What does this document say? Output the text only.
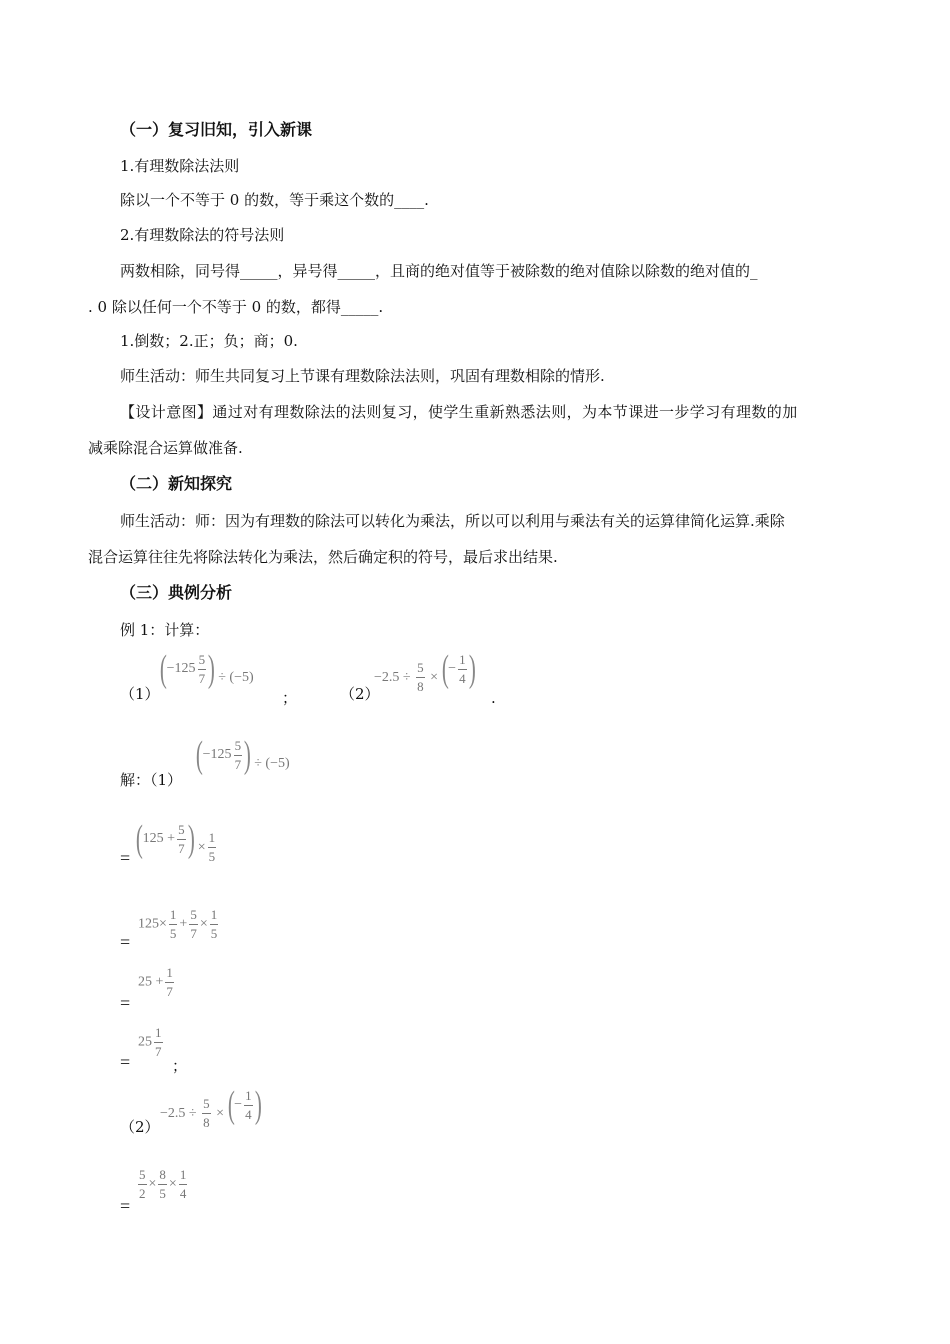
（一）复习旧知，引入新课
1.有理数除法法则
除以一个不等于 0 的数，等于乘这个数的____.
2.有理数除法的符号法则
两数相除，同号得_____，异号得_____，且商的绝对值等于被除数的绝对值除以除数的绝对值的_
. 0 除以任何一个不等于 0 的数，都得_____.
1.倒数；2.正；负；商；0.
师生活动：师生共同复习上节课有理数除法法则，巩固有理数相除的情形.
【设计意图】通过对有理数除法的法则复习，使学生重新熟悉法则，为本节课进一步学习有理数的加
减乘除混合运算做准备.
（二）新知探究
师生活动：师：因为有理数的除法可以转化为乘法，所以可以利用与乘法有关的运算律简化运算.乘除
混合运算往往先将除法转化为乘法，然后确定积的符号，最后求出结果.
（三）典例分析
例 1：计算：
（1）
( $-125 \frac{5}{7}$ ) ÷ (−5)
；	（2）
$-2.5 \div \frac{5}{8}$ × ( − $\frac{1}{4}$ )
.
解：（1）
( $-125 \frac{5}{7}$ ) ÷ (−5)
= ( 125
+ $\frac{5}{7}$ ) × $\frac{1}{5}$
=
$125\times \frac{1}{5} + \frac{5}{7} \times \frac{1}{5}$
=
$25 + \frac{1}{7}$
=
$25 \frac{1}{7}$
；
（2）
$-2.5 \div \frac{5}{8}$ × ( − $\frac{1}{4}$ )
=
$\frac{5}{2} \times \frac{8}{5} \times \frac{1}{4}$
